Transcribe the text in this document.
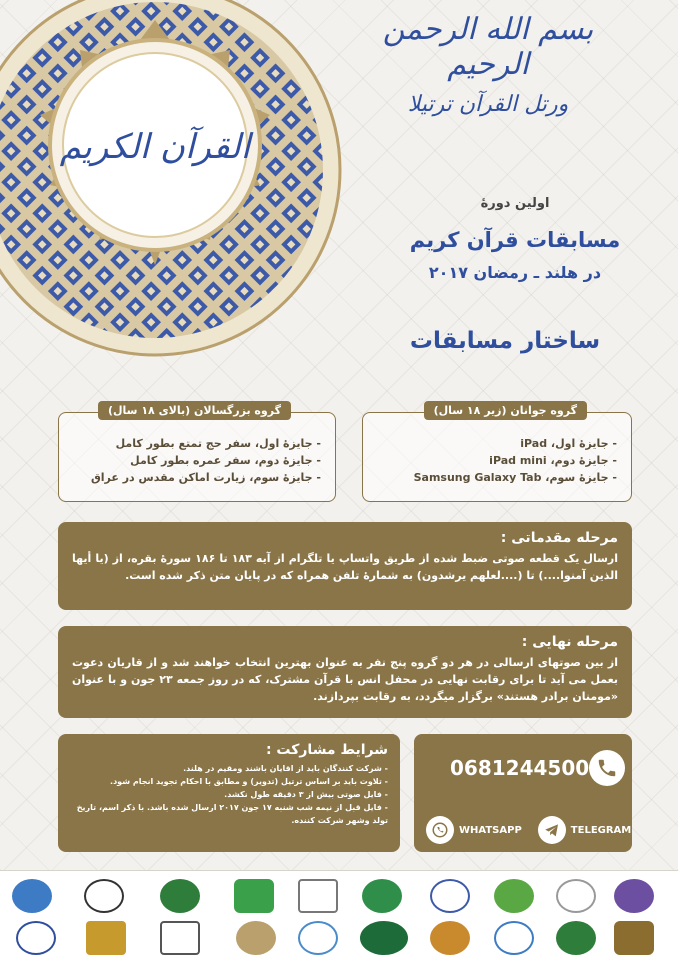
القرآن الكريم
بسم الله الرحمن الرحيم
ورتل القرآن ترتيلا
اولین دورهٔ
مسابقات قرآن کریم
در هلند ـ رمضان ۲۰۱۷
ساختار مسابقات
گروه بزرگسالان (بالای ۱۸ سال)
- جایزهٔ اول، سفر حج تمتع بطور کامل
- جایزهٔ دوم، سفر عمره بطور کامل
- جایزهٔ سوم، زیارت اماکن مقدس در عراق
گروه جوانان (زیر ۱۸ سال)
- جایزهٔ اول، iPad
- جایزهٔ دوم، iPad mini
- جایزهٔ سوم، Samsung Galaxy Tab
مرحله مقدماتی :
ارسال یک قطعه صوتی ضبط شده از طریق واتساپ یا تلگرام از آیه ۱۸۳ تا ۱۸۶ سورهٔ بقره، از (یا أیها الذین آمنوا....) تا (....لعلهم یرشدون) به شمارهٔ تلفن همراه که در پایان متن ذکر شده است.
مرحله نهایی :
از بین صوتهای ارسالی در هر دو گروه پنج نفر به عنوان بهترین انتخاب خواهند شد و از قاریان دعوت بعمل می آید تا برای رقابت نهایی در محفل انس با قرآن مشترک، که در روز جمعه ۲۳ جون و با عنوان «مومنان برادر هستند» برگزار میگردد، به رقابت بپردازند.
شرایط مشارکت :
- شرکت کنندگان باید از اقایان باشند ومقیم در هلند.
- تلاوت باید بر اساس ترتیل (تدویر) و مطابق با احکام تجوید انجام شود.
- فایل صوتی بیش از ۳ دقیقه طول نکشد.
- فایل قبل از نیمه شب شنبه ۱۷ جون ۲۰۱۷ ارسال شده باشد. با ذکر اسم، تاریخ تولد وشهر شرکت کننده.
0681244500
WHATSAPP	TELEGRAM
